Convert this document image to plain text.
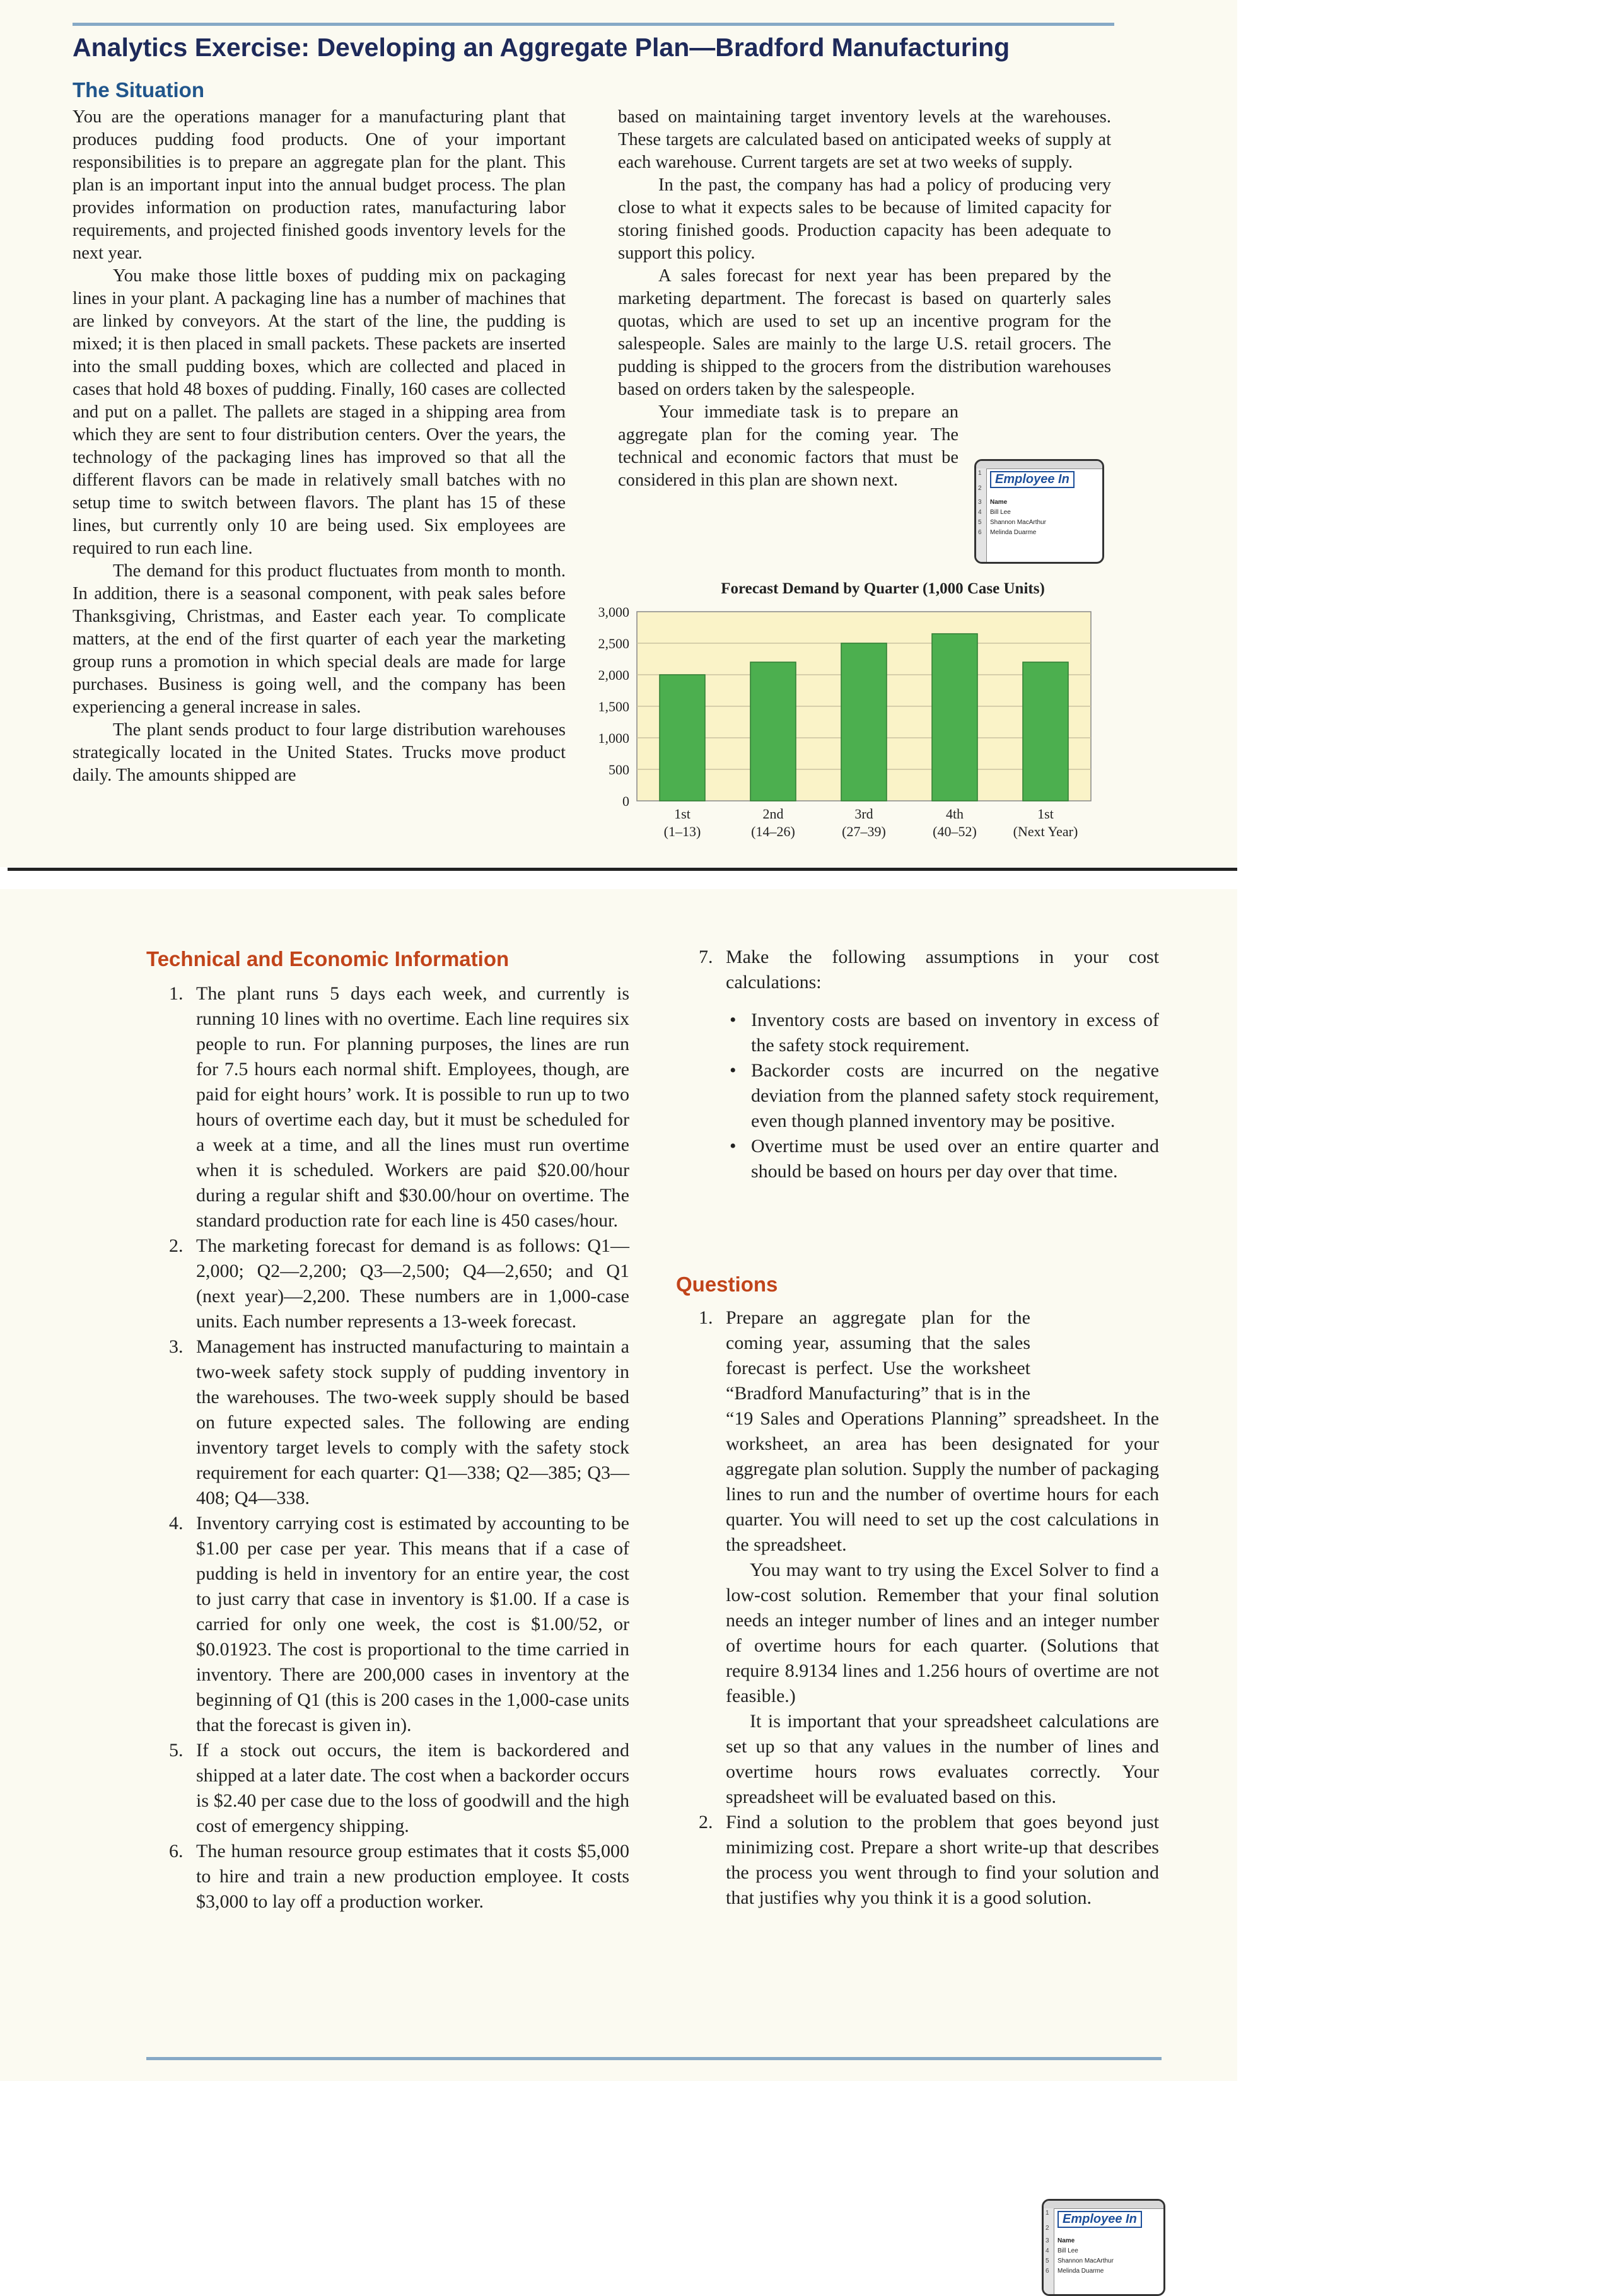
Analytics Exercise: Developing an Aggregate Plan—Bradford Manufacturing
The Situation

You are the operations manager for a manufacturing plant that produces pudding food products. One of your important responsibilities is to prepare an aggregate plan for the plant. This plan is an important input into the annual budget process. The plan provides information on production rates, manufacturing labor requirements, and projected finished goods inventory levels for the next year.

You make those little boxes of pudding mix on packaging lines in your plant. A packaging line has a number of machines that are linked by conveyors. At the start of the line, the pudding is mixed; it is then placed in small packets. These packets are inserted into the small pudding boxes, which are collected and placed in cases that hold 48 boxes of pudding. Finally, 160 cases are collected and put on a pallet. The pallets are staged in a shipping area from which they are sent to four distribution centers. Over the years, the technology of the packaging lines has improved so that all the different flavors can be made in relatively small batches with no setup time to switch between flavors. The plant has 15 of these lines, but currently only 10 are being used. Six employees are required to run each line.

The demand for this product fluctuates from month to month. In addition, there is a seasonal component, with peak sales before Thanksgiving, Christmas, and Easter each year. To complicate matters, at the end of the first quarter of each year the marketing group runs a promotion in which special deals are made for large purchases. Business is going well, and the company has been experiencing a general increase in sales.

The plant sends product to four large distribution warehouses strategically located in the United States. Trucks move product daily. The amounts shipped are

based on maintaining target inventory levels at the warehouses. These targets are calculated based on anticipated weeks of supply at each warehouse. Current targets are set at two weeks of supply.

In the past, the company has had a policy of producing very close to what it expects sales to be because of limited capacity for storing finished goods. Production capacity has been adequate to support this policy.

A sales forecast for next year has been prepared by the marketing department. The forecast is based on quarterly sales quotas, which are used to set up an incentive program for the salespeople. Sales are mainly to the large U.S. retail grocers. The pudding is shipped to the grocers from the distribution warehouses based on orders taken by the salespeople.

Your immediate task is to prepare an aggregate plan for the coming year. The technical and economic factors that must be considered in this plan are shown next.	1
2
3
4
5
6
Employee In
Name
Bill Lee
Shannon MacArthur
Melinda Duarme
Forecast Demand by Quarter (1,000 Case Units)
0
500
1,000
1,500
2,000
2,500
3,000
1st
(1–13)
2nd
(14–26)
3rd
(27–39)
4th
(40–52)
1st
(Next Year)
Technical and Economic Information
1. The plant runs 5 days each week, and currently is running 10 lines with no overtime. Each line requires six people to run. For planning purposes, the lines are run for 7.5 hours each normal shift. Employees, though, are paid for eight hours’ work. It is possible to run up to two hours of overtime each day, but it must be scheduled for a week at a time, and all the lines must run overtime when it is scheduled. Workers are paid $20.00/hour during a regular shift and $30.00/hour on overtime. The standard production rate for each line is 450 cases/hour.
2. The marketing forecast for demand is as follows: Q1—2,000; Q2—2,200; Q3—2,500; Q4—2,650; and Q1 (next year)—2,200. These numbers are in 1,000-case units. Each number represents a 13-week forecast.
3. Management has instructed manufacturing to maintain a two-week safety stock supply of pudding inventory in the warehouses. The two-week supply should be based on future expected sales. The following are ending inventory target levels to comply with the safety stock requirement for each quarter: Q1—338; Q2—385; Q3—408; Q4—338.
4. Inventory carrying cost is estimated by accounting to be $1.00 per case per year. This means that if a case of pudding is held in inventory for an entire year, the cost to just carry that case in inventory is $1.00. If a case is carried for only one week, the cost is $1.00/52, or $0.01923. The cost is proportional to the time carried in inventory. There are 200,000 cases in inventory at the beginning of Q1 (this is 200 cases in the 1,000-case units that the forecast is given in).
5. If a stock out occurs, the item is backordered and shipped at a later date. The cost when a backorder occurs is $2.40 per case due to the loss of goodwill and the high cost of emergency shipping.
6. The human resource group estimates that it costs $5,000 to hire and train a new production employee. It costs $3,000 to lay off a production worker.
7. Make the following assumptions in your cost calculations:
• Inventory costs are based on inventory in excess of the safety stock requirement.
• Backorder costs are incurred on the negative deviation from the planned safety stock requirement, even though planned inventory may be positive.
• Overtime must be used over an entire quarter and should be based on hours per day over that time.
Questions
1. Prepare an aggregate plan for the coming year, assuming that the sales forecast is perfect. Use the worksheet “Bradford Manufacturing” that is in the “19 Sales and Operations Planning” spreadsheet. In the worksheet, an area has been designated for your aggregate plan solution. Supply the number of packaging lines to run and the number of overtime hours for each quarter. You will need to set up the cost calculations in the spreadsheet.

You may want to try using the Excel Solver to find a low-cost solution. Remember that your final solution needs an integer number of lines and an integer number of overtime hours for each quarter. (Solutions that require 8.9134 lines and 1.256 hours of overtime are not feasible.)

It is important that your spreadsheet calculations are set up so that any values in the number of lines and overtime hours rows evaluates correctly. Your spreadsheet will be evaluated based on this.

2. Find a solution to the problem that goes beyond just minimizing cost. Prepare a short write-up that describes the process you went through to find your solution and that justifies why you think it is a good solution.
1
2
3
4
5
6
Employee In
Name
Bill Lee
Shannon MacArthur
Melinda Duarme
